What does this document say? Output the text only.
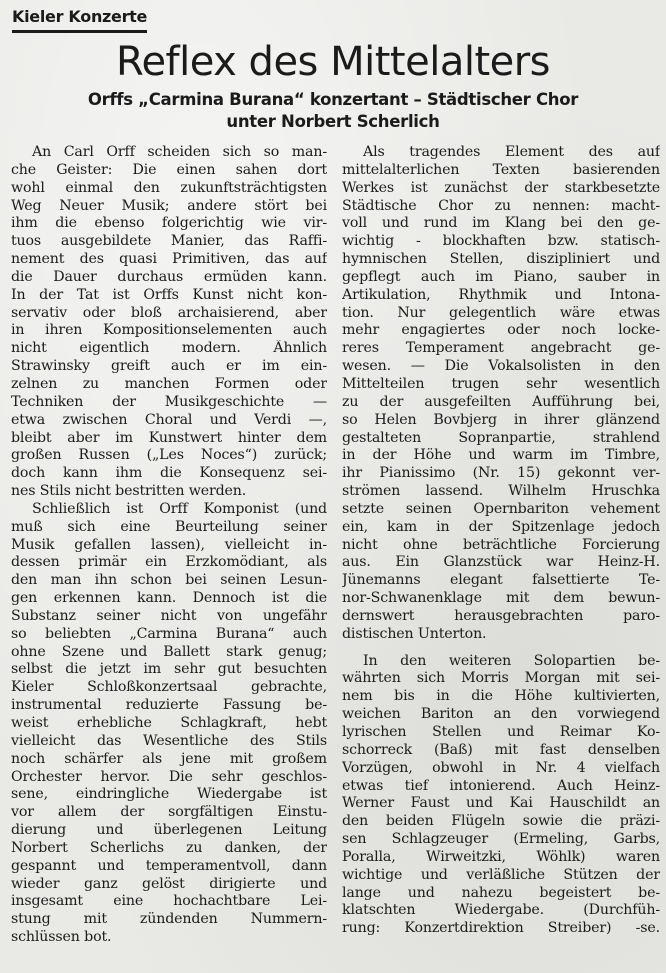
Kieler Konzerte
Reflex des Mittelalters
Orffs „Carmina Burana“ konzertant – Städtischer Chor
unter Norbert Scherlich
An Carl Orff scheiden sich so man-
che Geister: Die einen sahen dort
wohl einmal den zukunftsträchtigsten
Weg Neuer Musik; andere stört bei
ihm die ebenso folgerichtig wie vir-
tuos ausgebildete Manier, das Raffi-
nement des quasi Primitiven, das auf
die Dauer durchaus ermüden kann.
In der Tat ist Orffs Kunst nicht kon-
servativ oder bloß archaisierend, aber
in ihren Kompositionselementen auch
nicht eigentlich modern. Ähnlich
Strawinsky greift auch er im ein-
zelnen zu manchen Formen oder
Techniken der Musikgeschichte —
etwa zwischen Choral und Verdi —,
bleibt aber im Kunstwert hinter dem
großen Russen („Les Noces“) zurück;
doch kann ihm die Konsequenz sei-
nes Stils nicht bestritten werden.
Schließlich ist Orff Komponist (und
muß sich eine Beurteilung seiner
Musik gefallen lassen), vielleicht in-
dessen primär ein Erzkomödiant, als
den man ihn schon bei seinen Lesun-
gen erkennen kann. Dennoch ist die
Substanz seiner nicht von ungefähr
so beliebten „Carmina Burana“ auch
ohne Szene und Ballett stark genug;
selbst die jetzt im sehr gut besuchten
Kieler Schloßkonzertsaal gebrachte,
instrumental reduzierte Fassung be-
weist erhebliche Schlagkraft, hebt
vielleicht das Wesentliche des Stils
noch schärfer als jene mit großem
Orchester hervor. Die sehr geschlos-
sene, eindringliche Wiedergabe ist
vor allem der sorgfältigen Einstu-
dierung und überlegenen Leitung
Norbert Scherlichs zu danken, der
gespannt und temperamentvoll, dann
wieder ganz gelöst dirigierte und
insgesamt eine hochachtbare Lei-
stung mit zündenden Nummern-
schlüssen bot.
Als tragendes Element des auf
mittelalterlichen Texten basierenden
Werkes ist zunächst der starkbesetzte
Städtische Chor zu nennen: macht-
voll und rund im Klang bei den ge-
wichtig - blockhaften bzw. statisch-
hymnischen Stellen, diszipliniert und
gepflegt auch im Piano, sauber in
Artikulation, Rhythmik und Intona-
tion. Nur gelegentlich wäre etwas
mehr engagiertes oder noch locke-
reres Temperament angebracht ge-
wesen. — Die Vokalsolisten in den
Mittelteilen trugen sehr wesentlich
zu der ausgefeilten Aufführung bei,
so Helen Bovbjerg in ihrer glänzend
gestalteten Sopranpartie, strahlend
in der Höhe und warm im Timbre,
ihr Pianissimo (Nr. 15) gekonnt ver-
strömen lassend. Wilhelm Hruschka
setzte seinen Opernbariton vehement
ein, kam in der Spitzenlage jedoch
nicht ohne beträchtliche Forcierung
aus. Ein Glanzstück war Heinz-H.
Jünemanns elegant falsettierte Te-
nor-Schwanenklage mit dem bewun-
dernswert herausgebrachten paro-
distischen Unterton.
In den weiteren Solopartien be-
währten sich Morris Morgan mit sei-
nem bis in die Höhe kultivierten,
weichen Bariton an den vorwiegend
lyrischen Stellen und Reimar Ko-
schorreck (Baß) mit fast denselben
Vorzügen, obwohl in Nr. 4 vielfach
etwas tief intonierend. Auch Heinz-
Werner Faust und Kai Hauschildt an
den beiden Flügeln sowie die präzi-
sen Schlagzeuger (Ermeling, Garbs,
Poralla, Wirweitzki, Wöhlk) waren
wichtige und verläßliche Stützen der
lange und nahezu begeistert be-
klatschten Wiedergabe. (Durchfüh-
rung: Konzertdirektion Streiber) -se.
